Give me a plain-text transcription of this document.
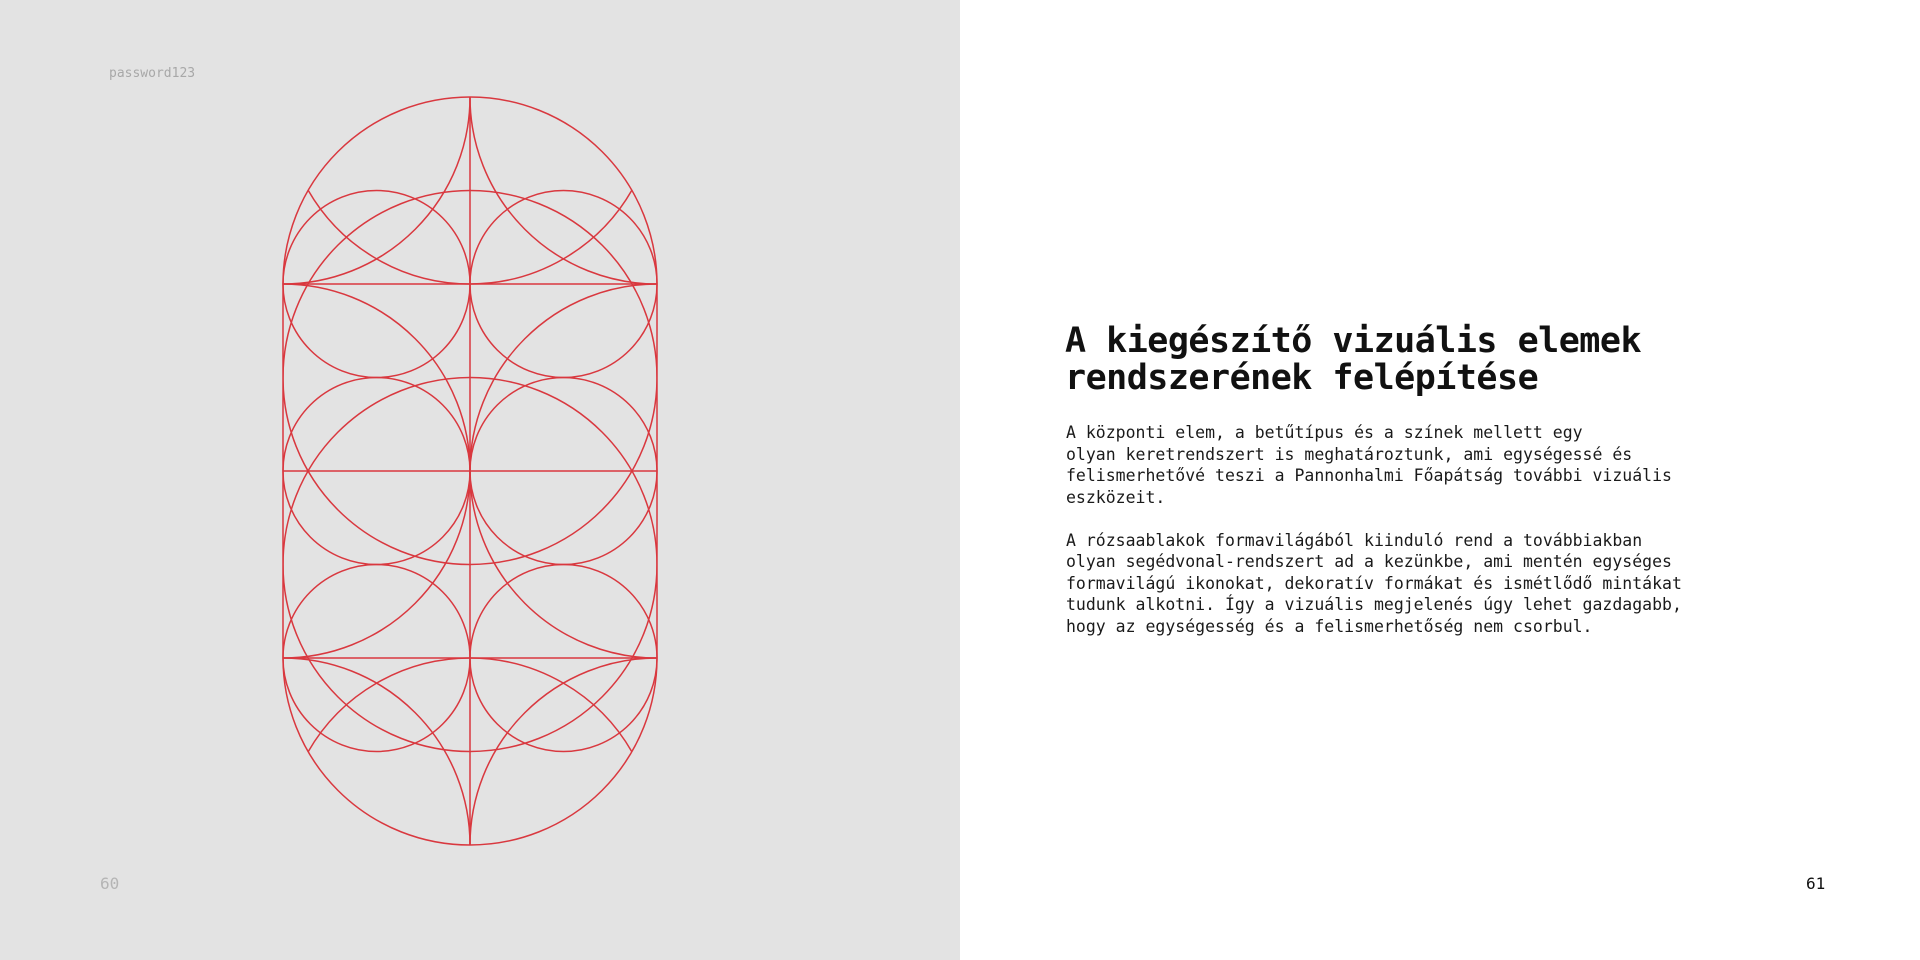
password123
60
A kiegészítő vizuális elemek
rendszerének felépítése

A központi elem, a betűtípus és a színek mellett egy
olyan keretrendszert is meghatároztunk, ami egységessé és
felismerhetővé teszi a Pannonhalmi Főapátság további vizuális
eszközeit.

A rózsaablakok formavilágából kiinduló rend a továbbiakban
olyan segédvonal-rendszert ad a kezünkbe, ami mentén egységes
formavilágú ikonokat, dekoratív formákat és ismétlődő mintákat
tudunk alkotni. Így a vizuális megjelenés úgy lehet gazdagabb,
hogy az egységesség és a felismerhetőség nem csorbul.

61
